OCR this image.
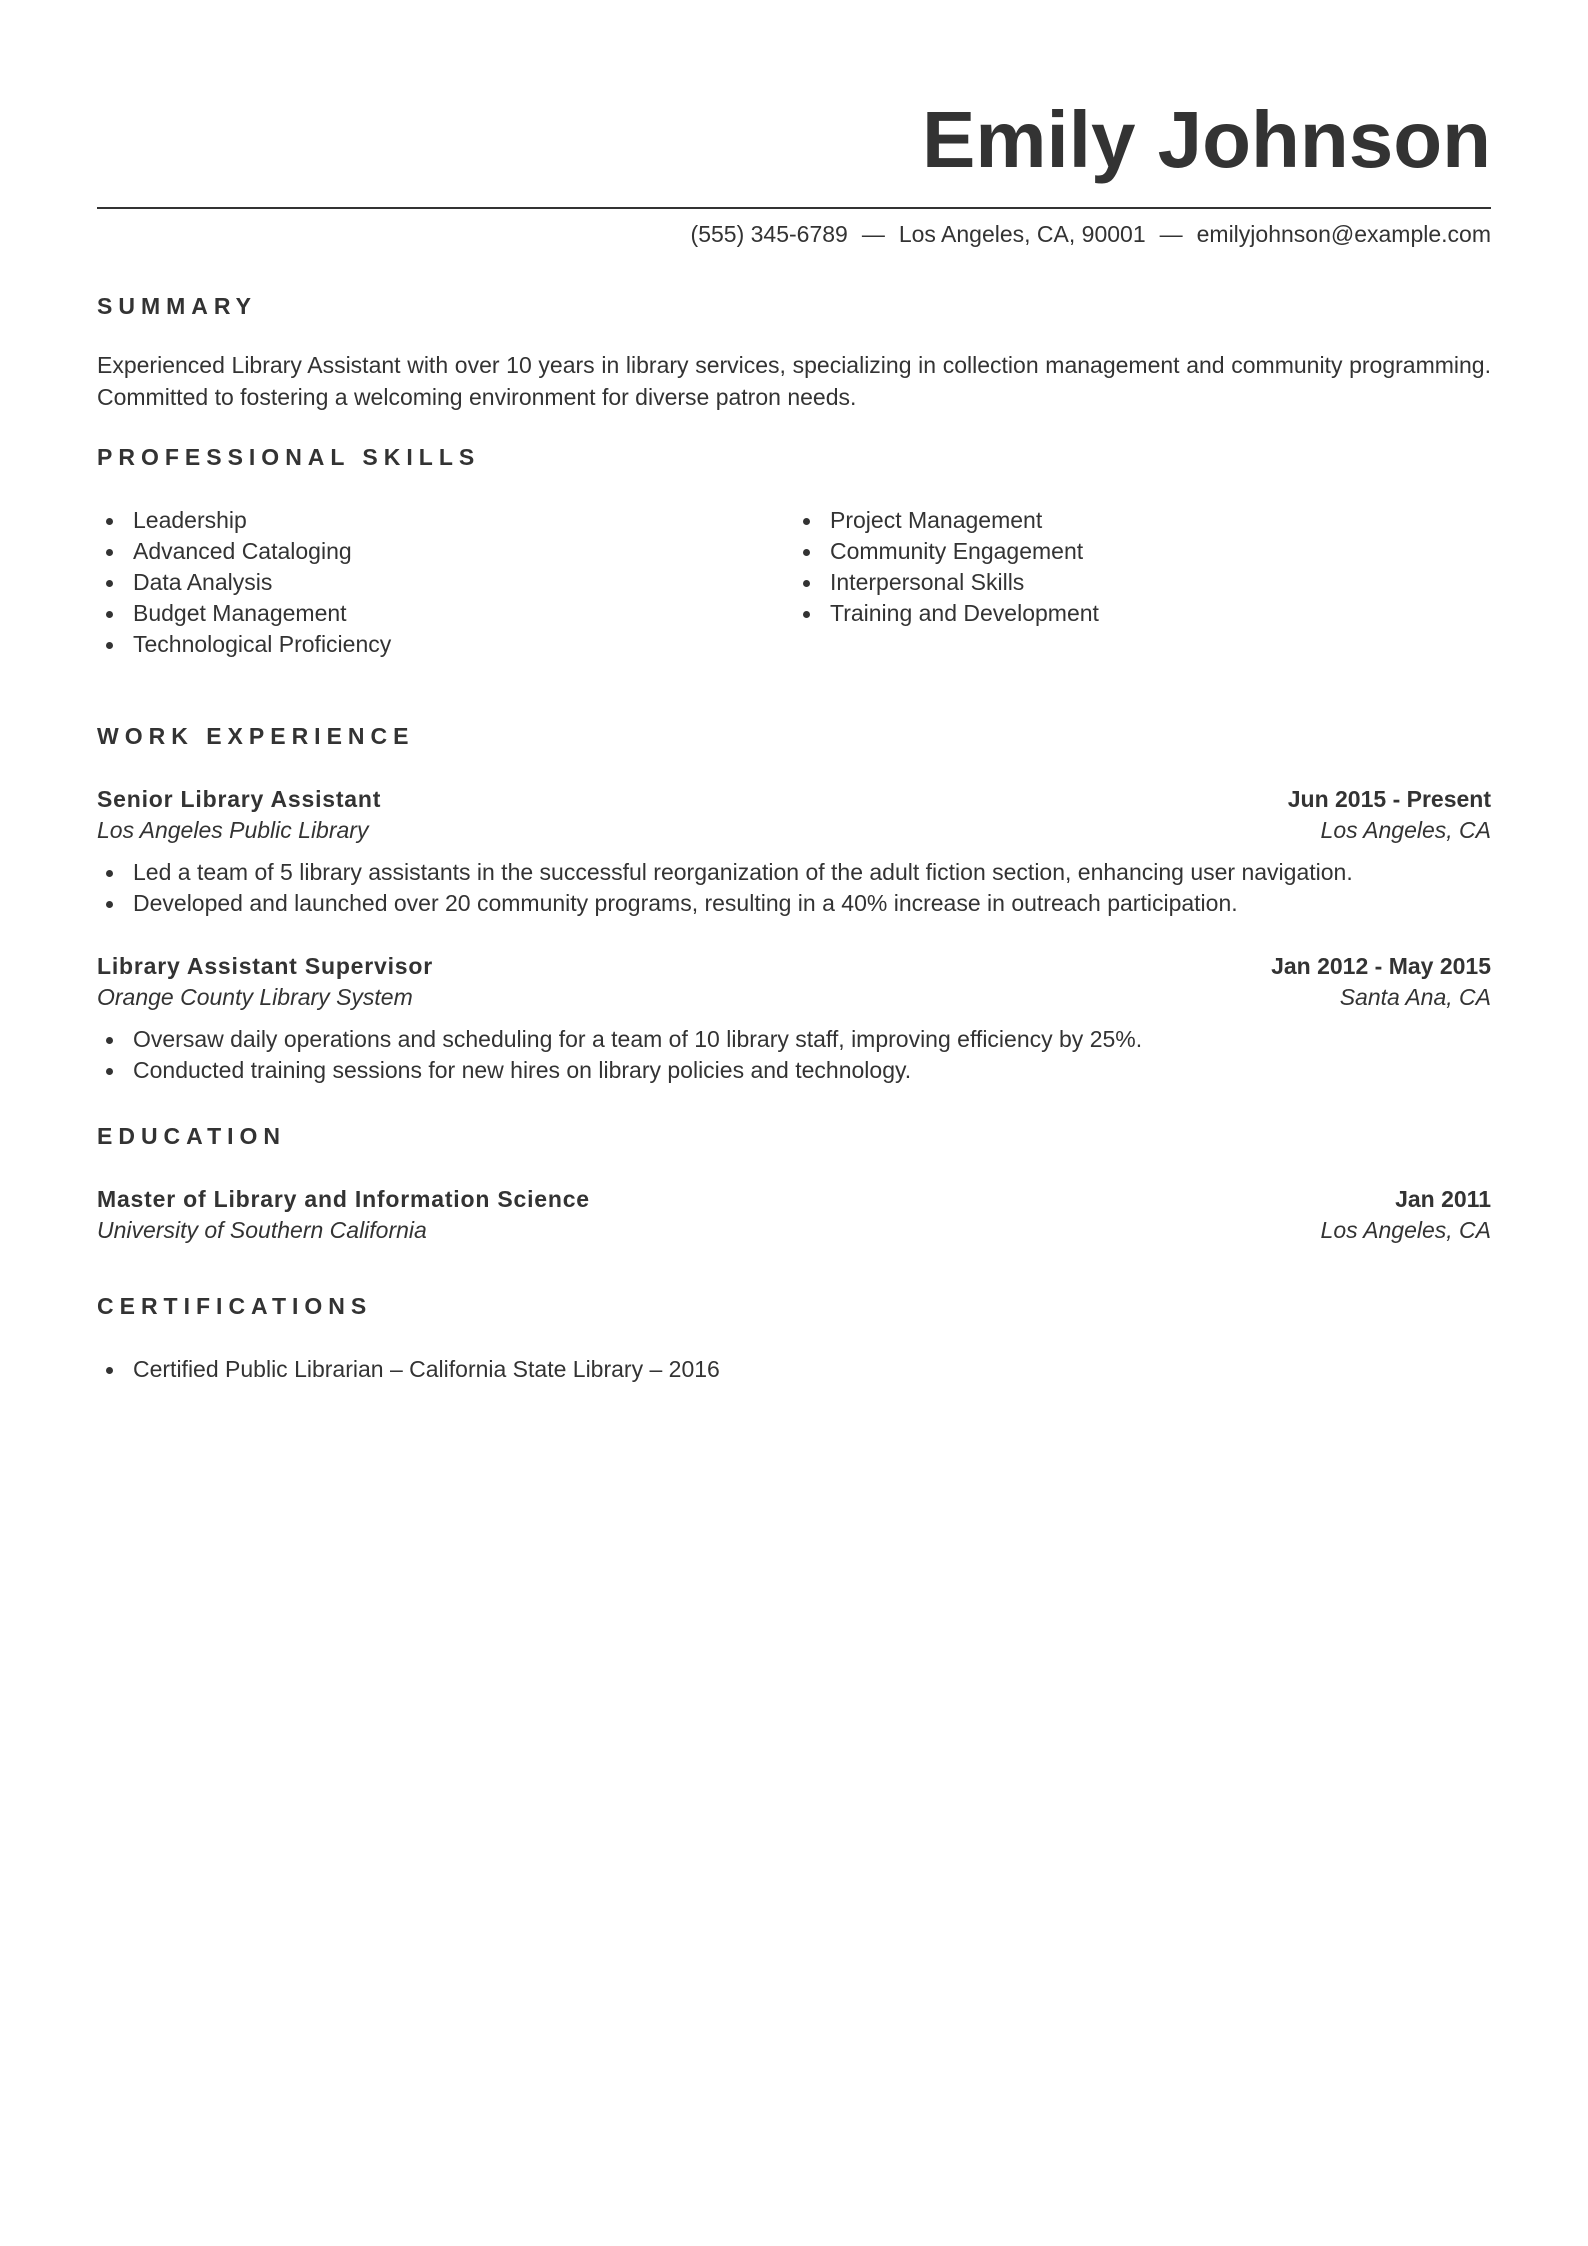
Emily Johnson
(555) 345-6789 — Los Angeles, CA, 90001 — emilyjohnson@example.com
SUMMARY

Experienced Library Assistant with over 10 years in library services, specializing in collection management and community programming. Committed to fostering a welcoming environment for diverse patron needs.

PROFESSIONAL SKILLS
Leadership
Advanced Cataloging
Data Analysis
Budget Management
Technological Proficiency
Project Management
Community Engagement
Interpersonal Skills
Training and Development
WORK EXPERIENCE
Senior Library Assistant	Jun 2015 - Present
Los Angeles Public Library	Los Angeles, CA
Led a team of 5 library assistants in the successful reorganization of the adult fiction section, enhancing user navigation.
Developed and launched over 20 community programs, resulting in a 40% increase in outreach participation.
Library Assistant Supervisor	Jan 2012 - May 2015
Orange County Library System	Santa Ana, CA
Oversaw daily operations and scheduling for a team of 10 library staff, improving efficiency by 25%.
Conducted training sessions for new hires on library policies and technology.
EDUCATION
Master of Library and Information Science	Jan 2011
University of Southern California	Los Angeles, CA
CERTIFICATIONS
Certified Public Librarian – California State Library – 2016
